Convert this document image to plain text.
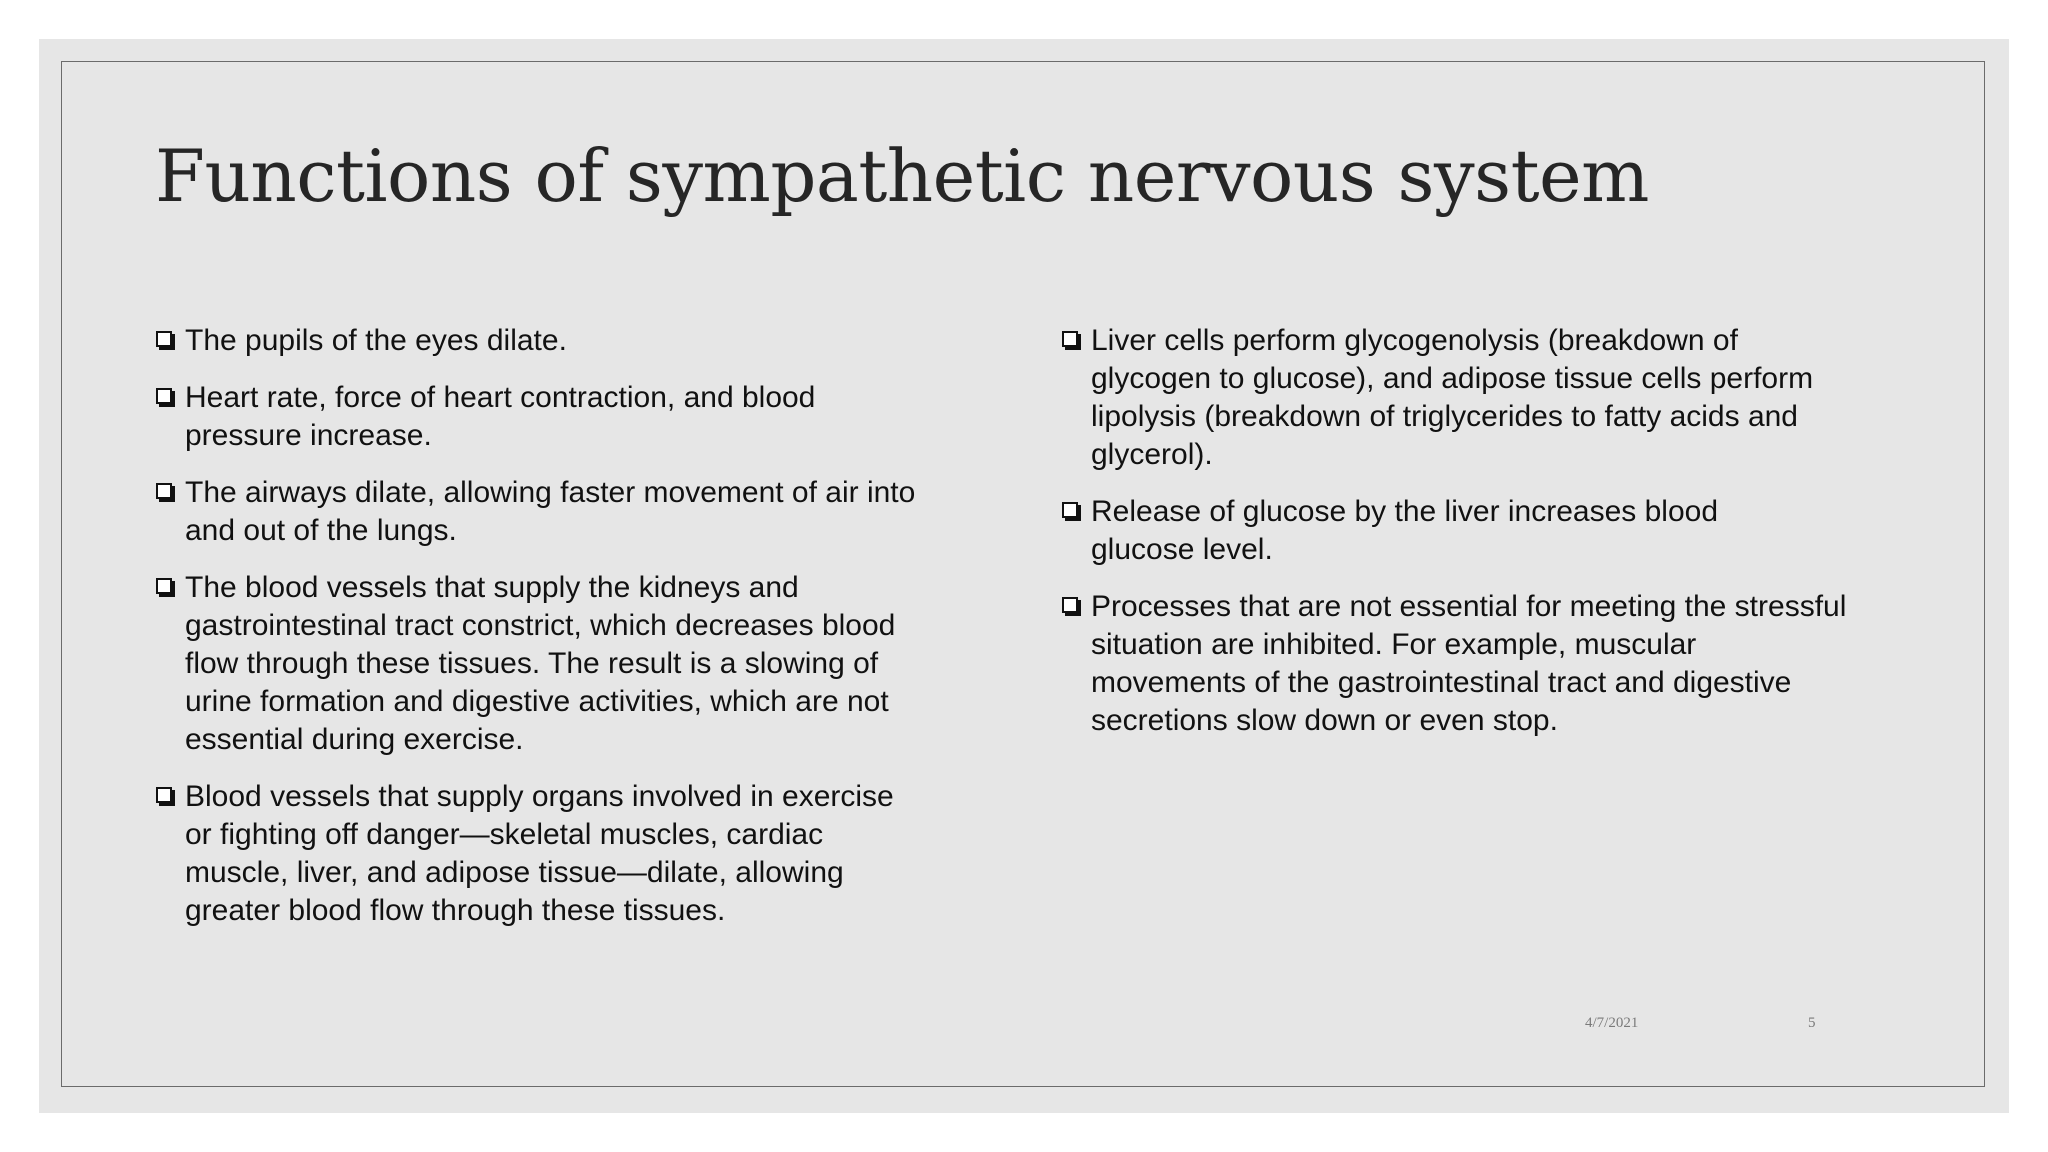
Functions of sympathetic nervous system
The pupils of the eyes dilate.
Heart rate, force of heart contraction, and blood pressure increase.
The airways dilate, allowing faster movement of air into and out of the lungs.
The blood vessels that supply the kidneys and gastrointestinal tract constrict, which decreases blood flow through these tissues. The result is a slowing of urine formation and digestive activities, which are not essential during exercise.
Blood vessels that supply organs involved in exercise or fighting off danger—skeletal muscles, cardiac muscle, liver, and adipose tissue—dilate, allowing greater blood flow through these tissues.
Liver cells perform glycogenolysis (breakdown of glycogen to glucose), and adipose tissue cells perform lipolysis (breakdown of triglycerides to fatty acids and glycerol).
Release of glucose by the liver increases blood glucose level.
Processes that are not essential for meeting the stressful situation are inhibited. For example, muscular movements of the gastrointestinal tract and digestive secretions slow down or even stop.
4/7/2021	5
